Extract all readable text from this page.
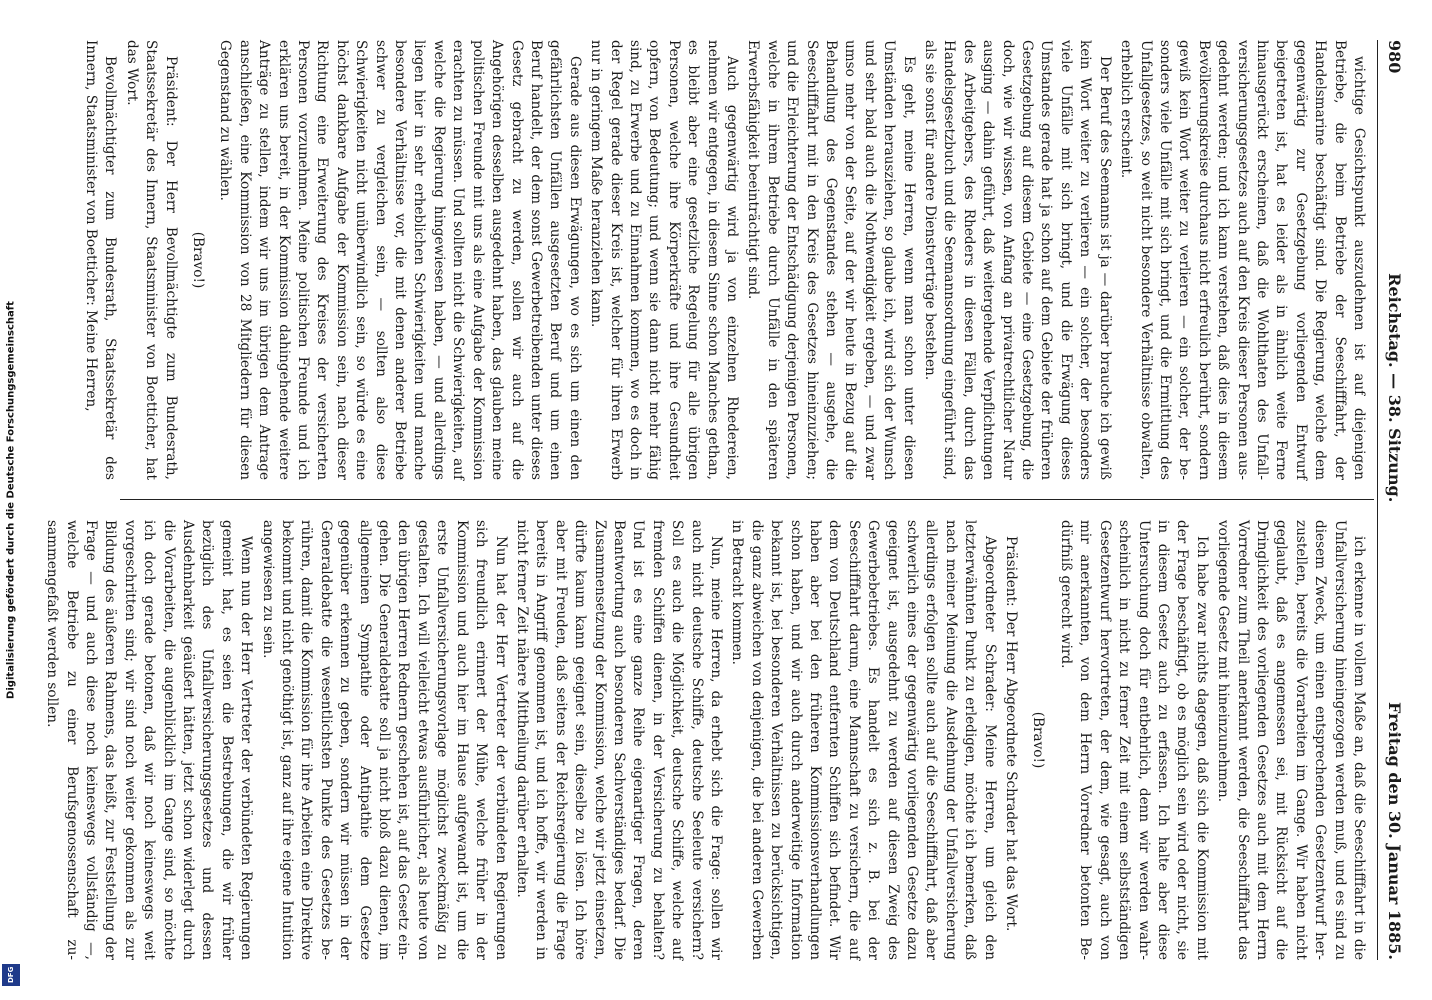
Digitalisierung gefördert durch die Deutsche Forschungsgemeinschaft
DFG
980
Reichstag. — 38. Sitzung.
Freitag den 30. Januar 1885.

wichtige Gesichtspunkt auszudehnen ist auf diejenigen Betriebe, die beim Betriebe der Seeschifffahrt, der Handelsmarine beschäftigt sind. Die Regierung, welche dem gegenwärtig zur Gesetzgebung vorliegenden Entwurf beigetreten ist, hat es leider als in ähnlich weite Ferne hinausgerückt erscheinen, daß die Wohlthaten des Unfallversicherungsgesetzes auch auf den Kreis dieser Personen ausgedehnt werden; und ich kann verstehen, daß dies in diesem Bevölkerungskreise durchaus nicht erfreulich berührt, sondern gewiß kein Wort weiter zu verlieren — ein solcher, der besonders viele Unfälle mit sich bringt, und die Ermittlung des Unfallgesetzes, so weit nicht besondere Verhältnisse obwalten, erheblich erscheint.

Der Beruf des Seemanns ist ja — darüber brauche ich gewiß kein Wort weiter zu verlieren — ein solcher, der besonders viele Unfälle mit sich bringt, und die Erwägung dieses Umstandes gerade hat ja schon auf dem Gebiete der früheren Gesetzgebung auf diesem Gebiete — eine Gesetzgebung, die doch, wie wir wissen, von Anfang an privatrechtlicher Natur ausging — dahin geführt, daß weitergehende Verpflichtungen des Arbeitgebers, des Rheders in diesen Fällen, durch das Handelsgesetzbuch und die Seemannsordnung eingeführt sind, als sie sonst für andere Dienstverträge bestehen.

Es geht, meine Herren, wenn man schon unter diesen Umständen herausziehen, so glaube ich, wird sich der Wunsch und sehr bald auch die Nothwendigkeit ergeben, — und zwar umso mehr von der Seite, auf der wir heute in Bezug auf die Behandlung des Gegenstandes stehen — ausgehe, die Seeschifffahrt mit in den Kreis des Gesetzes hineinzuziehen; und die Erleichterung der Entschädigung derjenigen Personen, welche in ihrem Betriebe durch Unfälle in den späteren Erwerbsfähigkeit beeinträchtigt sind.

Auch gegenwärtig wird ja von einzelnen Rhedereien, nehmen wir entgegen, in diesem Sinne schon Manches gethan, es bleibt aber eine gesetzliche Regelung für alle übrigen Personen, welche ihre Körperkräfte und ihre Gesundheit opfern, von Bedeutung; und wenn sie dann nicht mehr fähig sind, zu Erwerbe und zu Einnahmen kommen, wo es doch in der Regel gerade dieser Kreis ist, welcher für ihren Erwerb nur in geringem Maße heranziehen kann.

Gerade aus diesen Erwägungen, wo es sich um einen den gefährlichsten Unfällen ausgesetzten Beruf und um einen Beruf handelt, der dem sonst Gewerbetreibenden unter dieses Gesetz gebracht zu werden, sollen wir auch auf die Angehörigen desselben ausgedehnt haben, das glauben meine politischen Freunde mit uns als eine Aufgabe der Kommission erachten zu müssen. Und sollten nicht die Schwierigkeiten, auf welche die Regierung hingewiesen haben, — und allerdings liegen hier in sehr erheblichen Schwierigkeiten und manche besondere Verhältnisse vor, die mit denen anderer Betriebe schwer zu vergleichen sein, — sollten also diese Schwierigkeiten nicht unüberwindlich sein, so würde es eine höchst dankbare Aufgabe der Kommission sein, nach dieser Richtung eine Erweiterung des Kreises der versicherten Personen vorzunehmen. Meine politischen Freunde und ich erklären uns bereit, in der Kommission dahingehende weitere Anträge zu stellen, indem wir uns im übrigen dem Antrage anschließen, eine Kommission von 28 Mitgliedern für diesen Gegenstand zu wählen.

(Bravo!)

Präsident: Der Herr Bevollmächtigte zum Bundesrath, Staatssekretär des Innern, Staatsminister von Boetticher, hat das Wort.

Bevollmächtigter zum Bundesrath, Staatssekretär des Innern, Staatsminister von Boetticher: Meine Herren,

ich erkenne in vollem Maße an, daß die Seeschifffahrt in die Unfallversicherung hineingezogen werden muß, und es sind zu diesem Zweck, um einen entsprechenden Gesetzentwurf herzustellen, bereits die Vorarbeiten im Gange. Wir haben nicht geglaubt, daß es angemessen sei, mit Rücksicht auf die Dringlichkeit des vorliegenden Gesetzes auch mit dem Herrn Vorredner zum Theil anerkannt werden, die Seeschifffahrt das vorliegende Gesetz mit hineinzunehmen.

Ich habe zwar nichts dagegen, daß sich die Kommission mit der Frage beschäftigt, ob es möglich sein wird oder nicht, sie in diesem Gesetz auch zu erfassen. Ich halte aber diese Untersuchung doch für entbehrlich, denn wir werden wahrscheinlich in nicht zu ferner Zeit mit einem selbstständigen Gesetzentwurf hervortreten, der dem, wie gesagt, auch von mir anerkannten, von dem Herrn Vorredner betonten Bedürfniß gerecht wird.

(Bravo!)

Präsident: Der Herr Abgeordnete Schrader hat das Wort.

Abgeordneter Schrader: Meine Herren, um gleich den letzterwähnten Punkt zu erledigen, möchte ich bemerken, daß nach meiner Meinung die Ausdehnung der Unfallversicherung allerdings erfolgen sollte auch auf die Seeschifffahrt, daß aber schwerlich eines der gegenwärtig vorliegenden Gesetze dazu geeignet ist, ausgedehnt zu werden auf diesen Zweig des Gewerbebetriebes. Es handelt es sich z. B. bei der Seeschifffahrt darum, eine Mannschaft zu versichern, die auf dem von Deutschland entfernten Schiffen sich befindet. Wir haben aber bei den früheren Kommissionsverhandlungen schon haben, und wir auch durch anderweitige Information bekannt ist, bei besonderen Verhältnissen zu berücksichtigen, die ganz abweichen von denjenigen, die bei anderen Gewerben in Betracht kommen.

Nun, meine Herren, da erhebt sich die Frage: sollen wir auch nicht deutsche Schiffe, deutsche Seeleute versichern? Soll es auch die Möglichkeit, deutsche Schiffe, welche auf fremden Schiffen dienen, in der Versicherung zu behalten? Und ist es eine ganze Reihe eigenartiger Fragen, deren Beantwortung auch besonderen Sachverständiges bedarf. Die Zusammensetzung der Kommission, welche wir jetzt einsetzen, dürfte kaum kann geeignet sein, dieselbe zu lösen. Ich höre aber mit Freuden, daß seitens der Reichsregierung die Frage bereits in Angriff genommen ist, und ich hoffe, wir werden in nicht ferner Zeit nähere Mittheilung darüber erhalten.

Nun hat der Herr Vertreter der verbündeten Regierungen sich freundlich erinnert der Mühe, welche früher in der Kommission und auch hier im Hause aufgewandt ist, um die erste Unfallversicherungsvorlage möglichst zweckmäßig zu gestalten. Ich will vielleicht etwas ausführlicher, als heute von den übrigen Herren Rednern geschehen ist, auf das Gesetz eingehen. Die Generaldebatte soll ja nicht bloß dazu dienen, im allgemeinen Sympathie oder Antipathie dem Gesetze gegenüber erkennen zu geben, sondern wir müssen in der Generaldebatte die wesentlichsten Punkte des Gesetzes berühren, damit die Kommission für ihre Arbeiten eine Direktive bekommt und nicht genöthigt ist, ganz auf ihre eigene Intuition angewiesen zu sein.

Wenn nun der Herr Vertreter der verbündeten Regierungen gemeint hat, es seien die Bestrebungen, die wir früher bezüglich des Unfallversicherungsgesetzes und dessen Ausdehnbarkeit geäußert hätten, jetzt schon widerlegt durch die Vorarbeiten, die augenblicklich im Gange sind, so möchte ich doch gerade betonen, daß wir noch keineswegs weit vorgeschritten sind; wir sind noch weiter gekommen als zur Bildung des äußeren Rahmens, das heißt, zur Feststellung der Frage — und auch diese noch keineswegs vollständig —, welche Betriebe zu einer Berufsgenossenschaft zusammengefaßt werden sollen.
